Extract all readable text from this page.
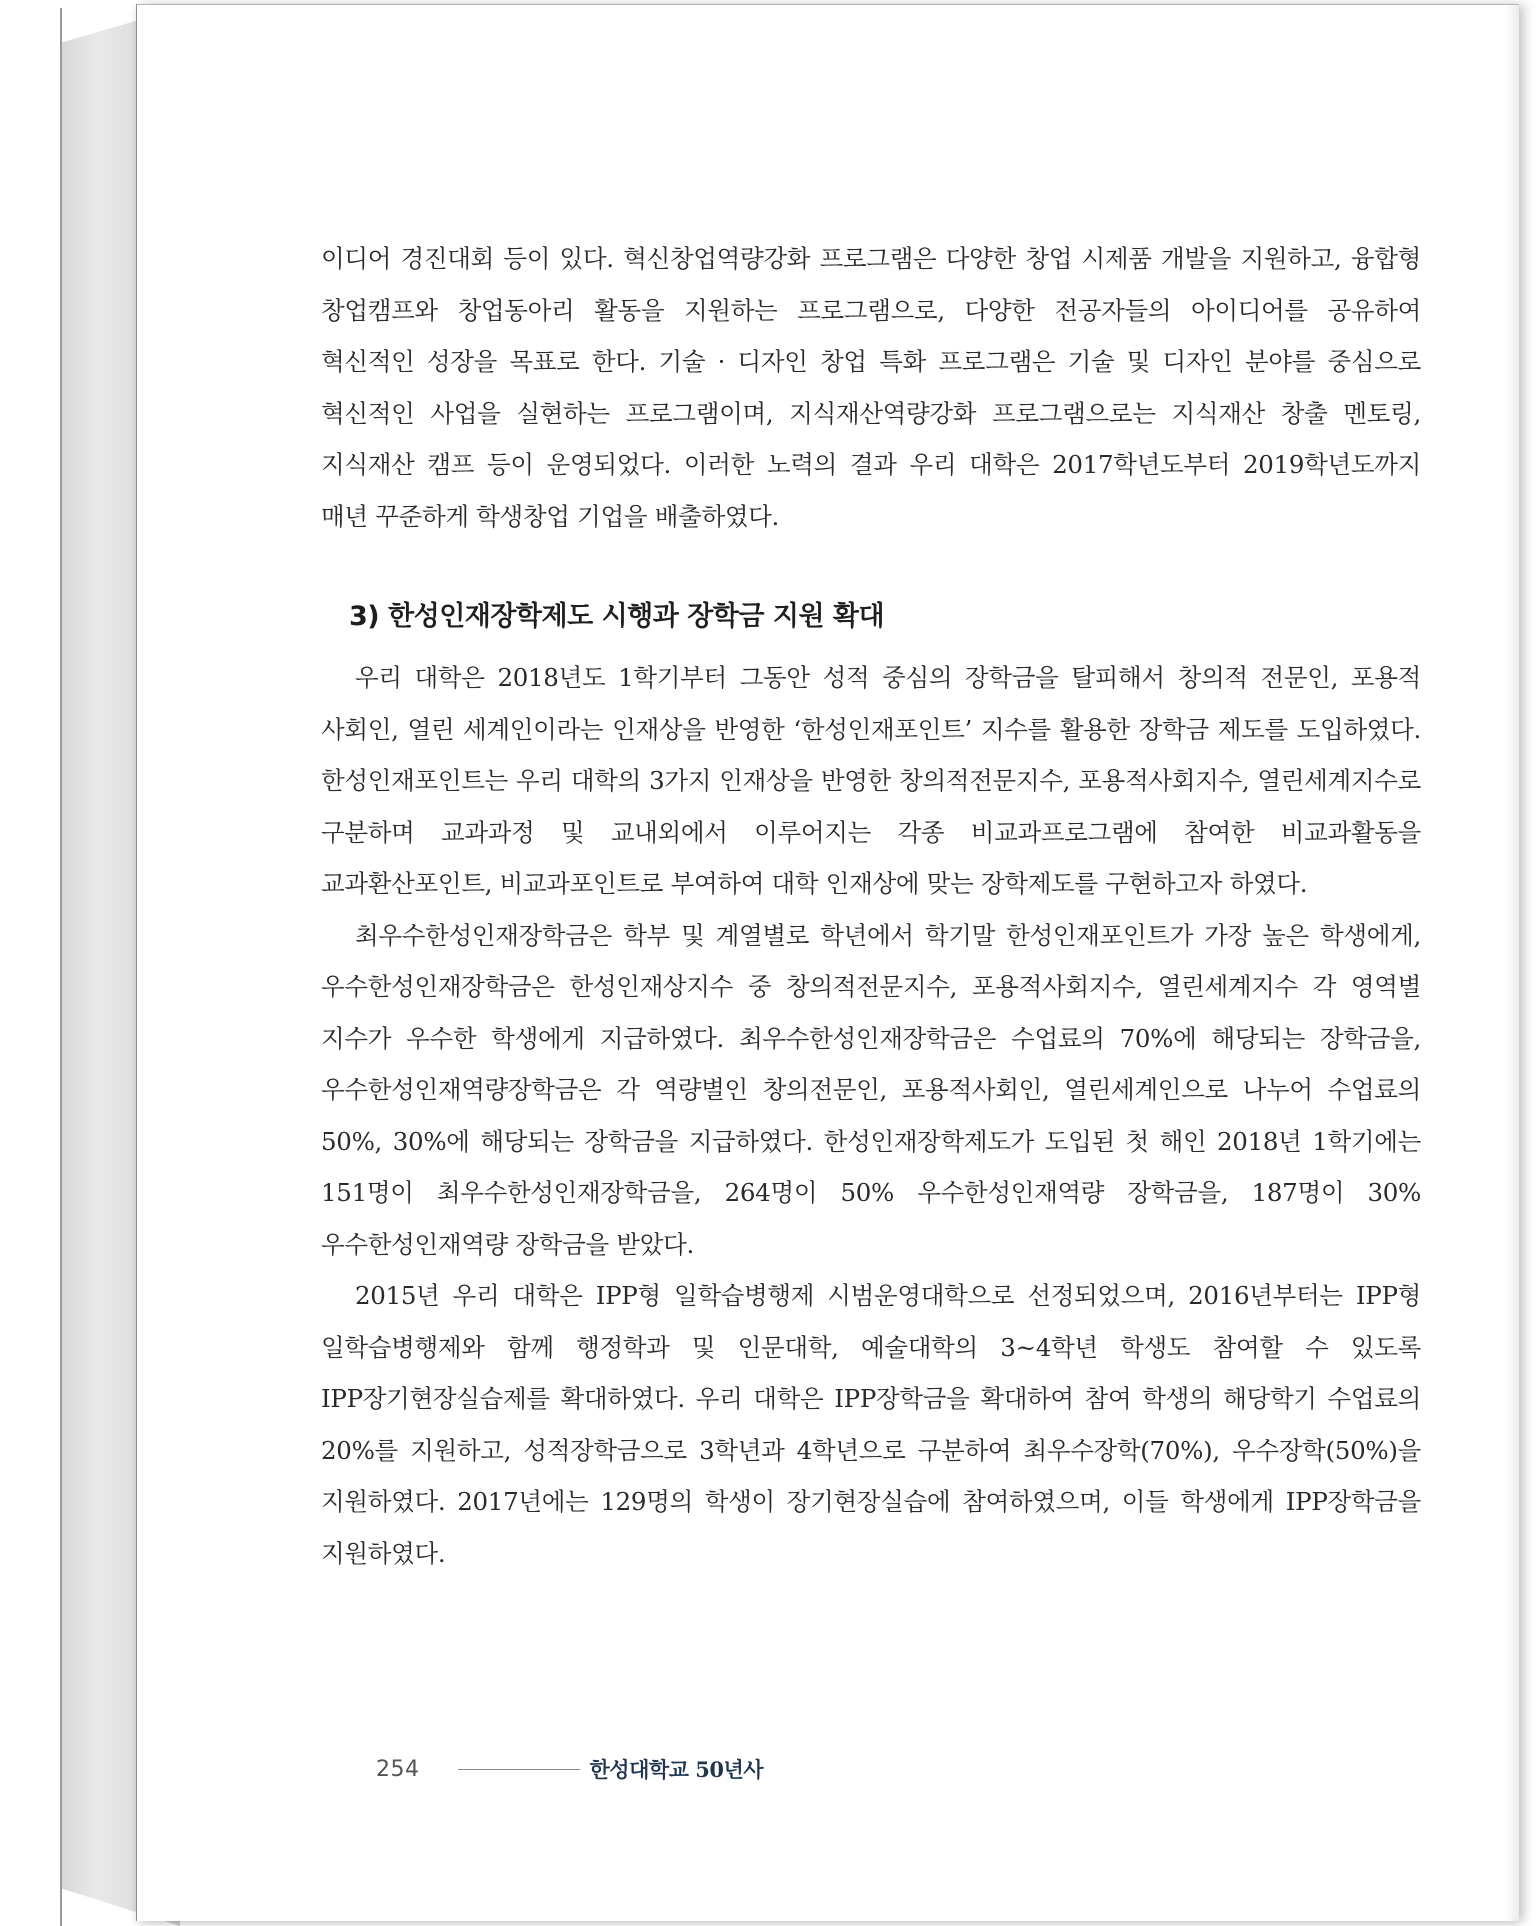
이디어 경진대회 등이 있다. 혁신창업역량강화 프로그램은 다양한 창업 시제품 개발을 지원하고, 융합형 창업캠프와 창업동아리 활동을 지원하는 프로그램으로, 다양한 전공자들의 아이디어를 공유하여 혁신적인 성장을 목표로 한다. 기술 · 디자인 창업 특화 프로그램은 기술 및 디자인 분야를 중심으로 혁신적인 사업을 실현하는 프로그램이며, 지식재산역량강화 프로그램으로는 지식재산 창출 멘토링, 지식재산 캠프 등이 운영되었다. 이러한 노력의 결과 우리 대학은 2017학년도부터 2019학년도까지 매년 꾸준하게 학생창업 기업을 배출하였다.

3) 한성인재장학제도 시행과 장학금 지원 확대

우리 대학은 2018년도 1학기부터 그동안 성적 중심의 장학금을 탈피해서 창의적 전문인, 포용적 사회인, 열린 세계인이라는 인재상을 반영한 ‘한성인재포인트’ 지수를 활용한 장학금 제도를 도입하였다. 한성인재포인트는 우리 대학의 3가지 인재상을 반영한 창의적전문지수, 포용적사회지수, 열린세계지수로 구분하며 교과과정 및 교내외에서 이루어지는 각종 비교과프로그램에 참여한 비교과활동을 교과환산포인트, 비교과포인트로 부여하여 대학 인재상에 맞는 장학제도를 구현하고자 하였다.

최우수한성인재장학금은 학부 및 계열별로 학년에서 학기말 한성인재포인트가 가장 높은 학생에게, 우수한성인재장학금은 한성인재상지수 중 창의적전문지수, 포용적사회지수, 열린세계지수 각 영역별 지수가 우수한 학생에게 지급하였다. 최우수한성인재장학금은 수업료의 70%에 해당되는 장학금을, 우수한성인재역량장학금은 각 역량별인 창의전문인, 포용적사회인, 열린세계인으로 나누어 수업료의 50%, 30%에 해당되는 장학금을 지급하였다. 한성인재장학제도가 도입된 첫 해인 2018년 1학기에는 151명이 최우수한성인재장학금을, 264명이 50% 우수한성인재역량 장학금을, 187명이 30% 우수한성인재역량 장학금을 받았다.

2015년 우리 대학은 IPP형 일학습병행제 시범운영대학으로 선정되었으며, 2016년부터는 IPP형 일학습병행제와 함께 행정학과 및 인문대학, 예술대학의 3~4학년 학생도 참여할 수 있도록 IPP장기현장실습제를 확대하였다. 우리 대학은 IPP장학금을 확대하여 참여 학생의 해당학기 수업료의 20%를 지원하고, 성적장학금으로 3학년과 4학년으로 구분하여 최우수장학(70%), 우수장학(50%)을 지원하였다. 2017년에는 129명의 학생이 장기현장실습에 참여하였으며, 이들 학생에게 IPP장학금을 지원하였다.

254	한성대학교 50년사
